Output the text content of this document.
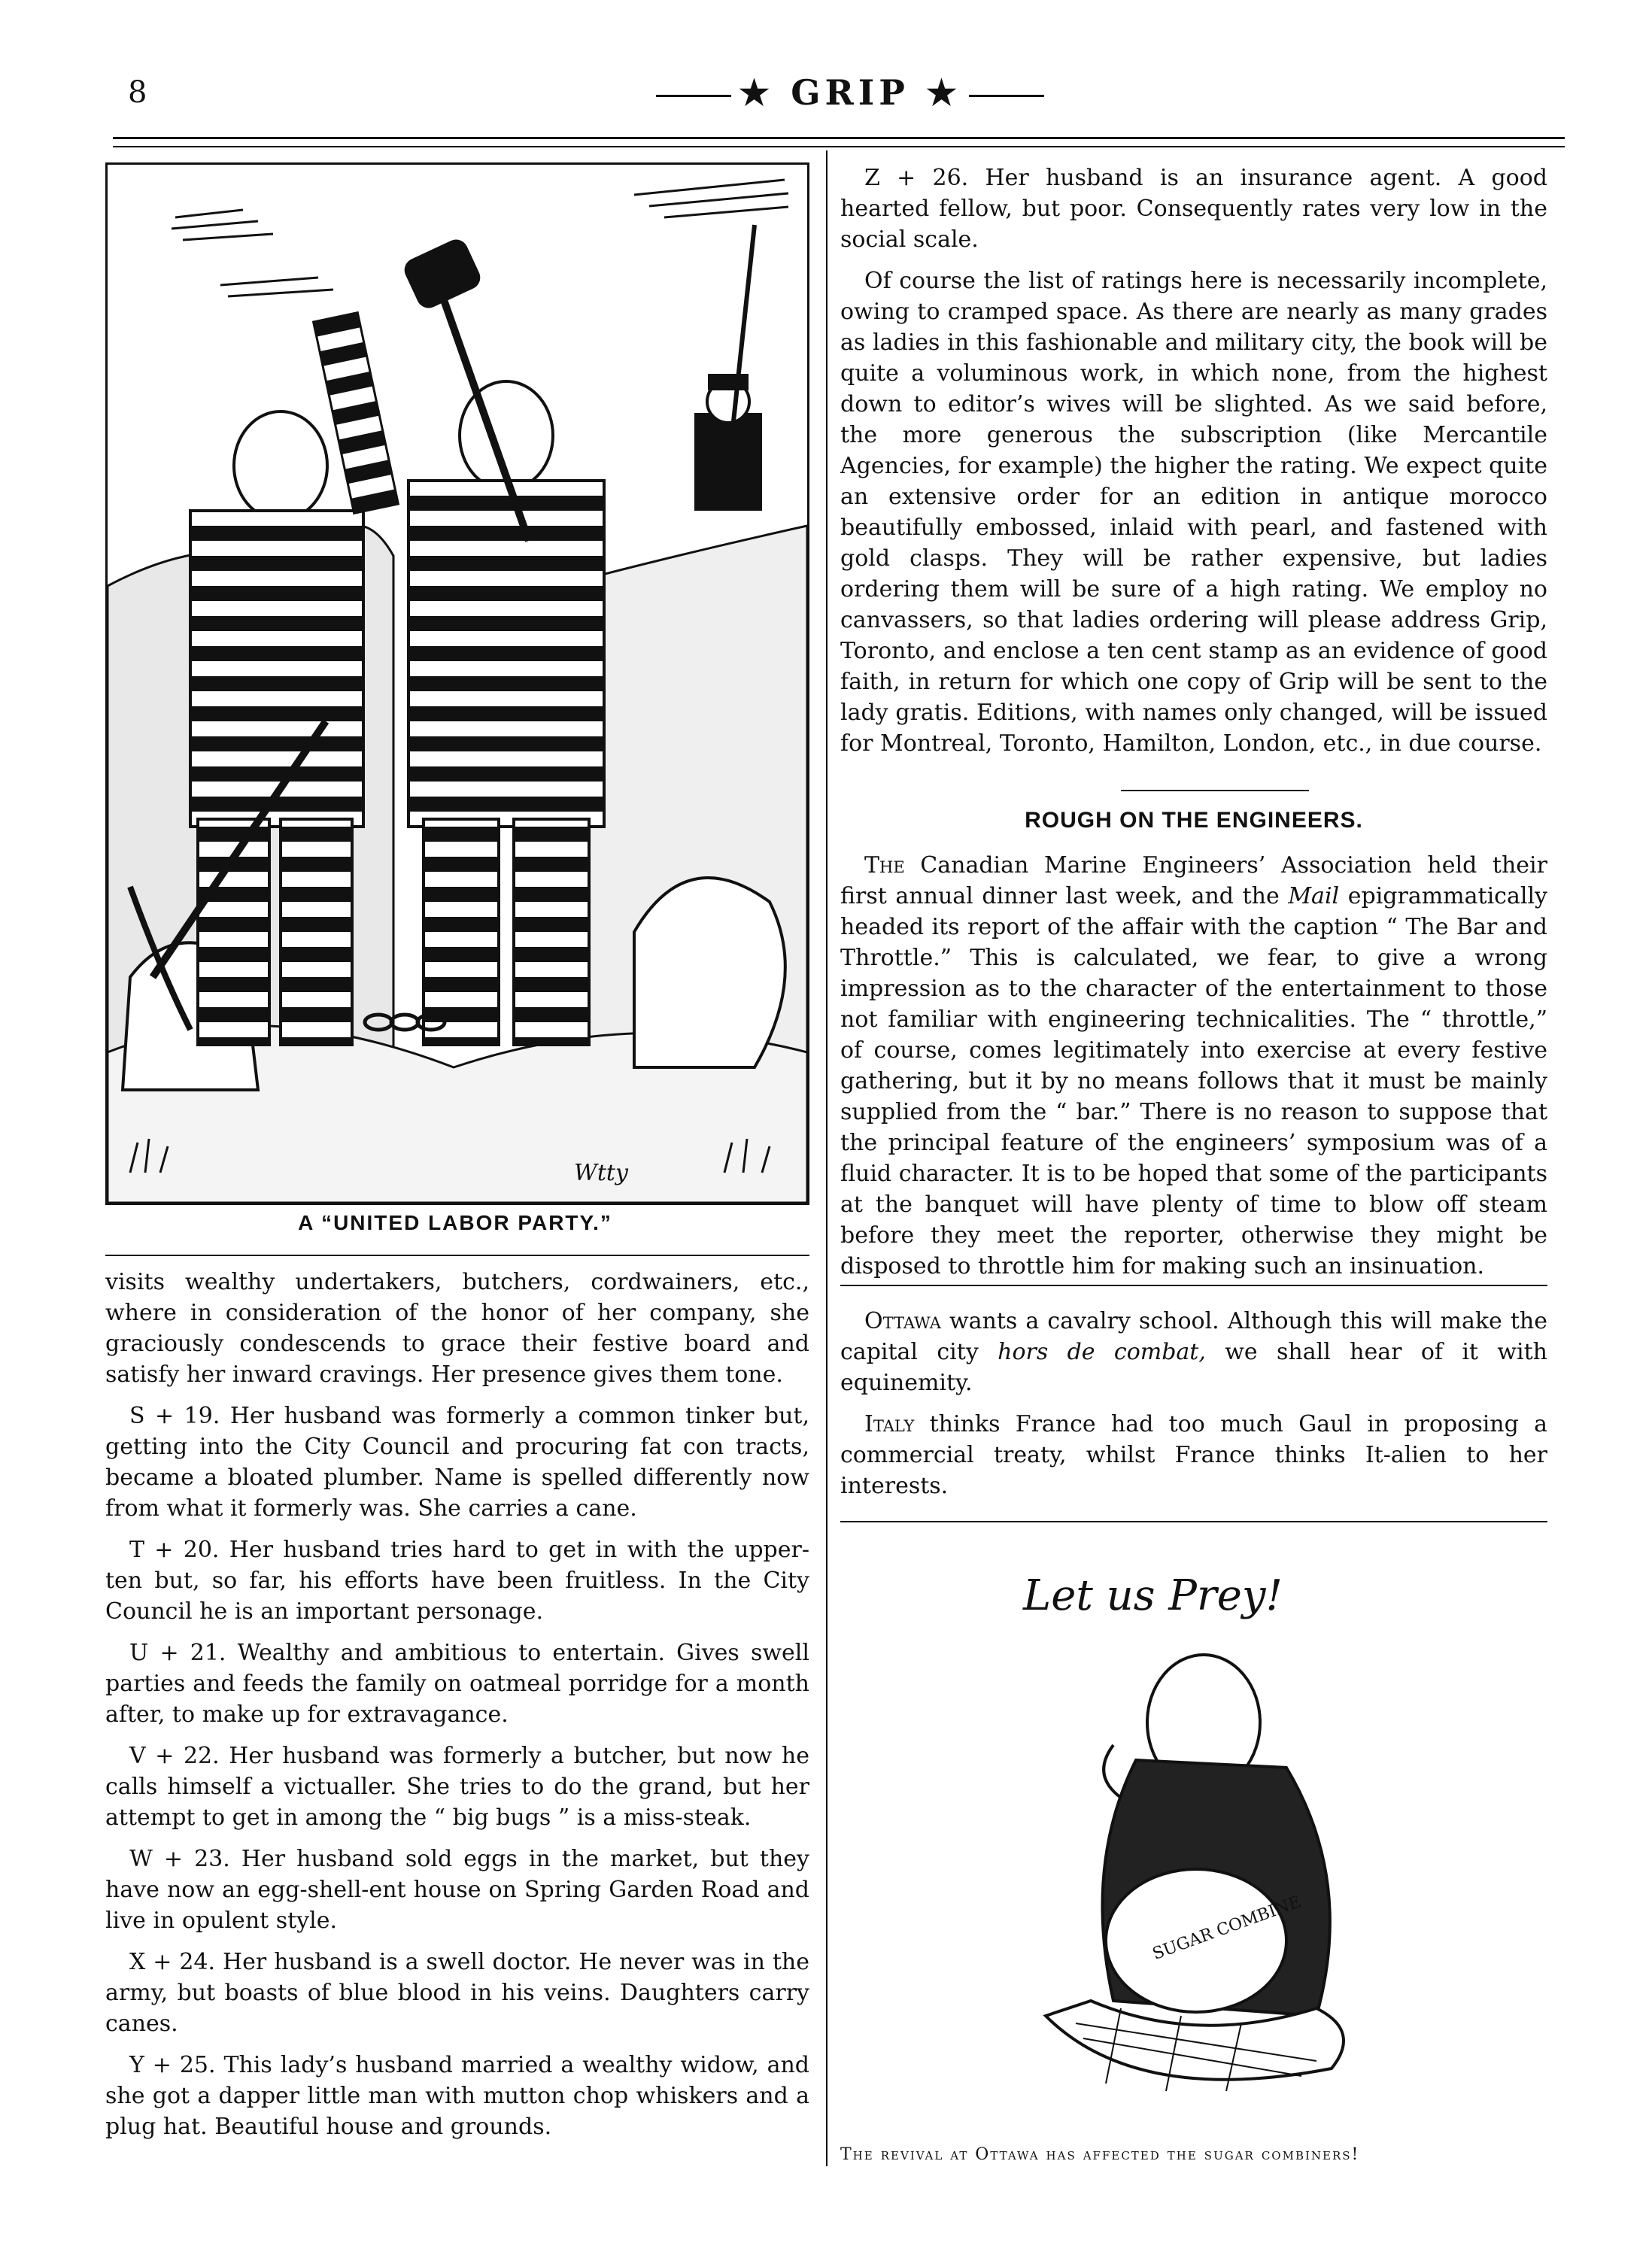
8	★ GRIP ★
Wtty
A “UNITED LABOR PARTY.”

visits wealthy undertakers, butchers, cordwainers, etc., where in consideration of the honor of her company, she graciously condescends to grace their festive board and satisfy her inward cravings. Her presence gives them tone.

S + 19. Her husband was formerly a common tinker but, getting into the City Council and procuring fat con tracts, became a bloated plumber. Name is spelled differently now from what it formerly was. She carries a cane.

T + 20. Her husband tries hard to get in with the upper-ten but, so far, his efforts have been fruitless. In the City Council he is an important personage.

U + 21. Wealthy and ambitious to entertain. Gives swell parties and feeds the family on oatmeal porridge for a month after, to make up for extravagance.

V + 22. Her husband was formerly a butcher, but now he calls himself a victualler. She tries to do the grand, but her attempt to get in among the “ big bugs ” is a miss-steak.

W + 23. Her husband sold eggs in the market, but they have now an egg-shell-ent house on Spring Garden Road and live in opulent style.

X + 24. Her husband is a swell doctor. He never was in the army, but boasts of blue blood in his veins. Daughters carry canes.

Y + 25. This lady’s husband married a wealthy widow, and she got a dapper little man with mutton chop whiskers and a plug hat. Beautiful house and grounds.

Z + 26. Her husband is an insurance agent. A good hearted fellow, but poor. Consequently rates very low in the social scale.

Of course the list of ratings here is necessarily incomplete, owing to cramped space. As there are nearly as many grades as ladies in this fashionable and military city, the book will be quite a voluminous work, in which none, from the highest down to editor’s wives will be slighted. As we said before, the more generous the subscription (like Mercantile Agencies, for example) the higher the rating. We expect quite an extensive order for an edition in antique morocco beautifully embossed, inlaid with pearl, and fastened with gold clasps. They will be rather expensive, but ladies ordering them will be sure of a high rating. We employ no canvassers, so that ladies ordering will please address Grip, Toronto, and enclose a ten cent stamp as an evidence of good faith, in return for which one copy of Grip will be sent to the lady gratis. Editions, with names only changed, will be issued for Montreal, Toronto, Hamilton, London, etc., in due course.

ROUGH ON THE ENGINEERS.

The Canadian Marine Engineers’ Association held their first annual dinner last week, and the Mail epigrammatically headed its report of the affair with the caption “ The Bar and Throttle.” This is calculated, we fear, to give a wrong impression as to the character of the entertainment to those not familiar with engineering technicalities. The “ throttle,” of course, comes legitimately into exercise at every festive gathering, but it by no means follows that it must be mainly supplied from the “ bar.” There is no reason to suppose that the principal feature of the engineers’ symposium was of a fluid character. It is to be hoped that some of the participants at the banquet will have plenty of time to blow off steam before they meet the reporter, otherwise they might be disposed to throttle him for making such an insinuation.

Ottawa wants a cavalry school. Although this will make the capital city hors de combat, we shall hear of it with equinemity.

Italy thinks France had too much Gaul in proposing a commercial treaty, whilst France thinks It-alien to her interests.

Let us Prey!
SUGAR COMBINE
The revival at Ottawa has affected the sugar combiners!
